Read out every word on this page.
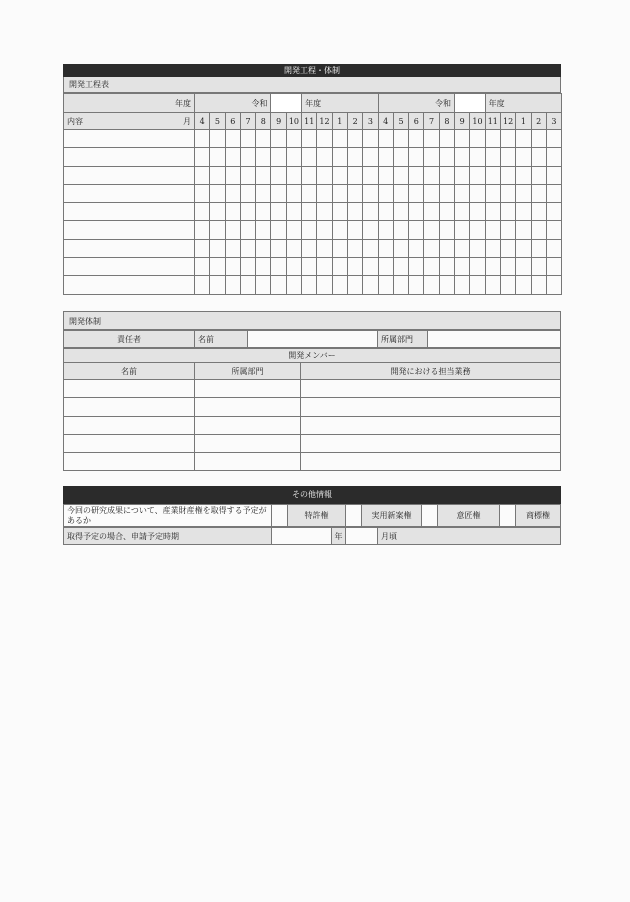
開発工程・体制
開発工程表
年度	令和							年度					令和							年度				

内容 月	4	5	6	7	8	9	10	11	12	1	2	3	4	5	6	7	8	9	10	11	12	1	2	3

開発体制
責任者	名前		所属部門	
開発メンバー		
名前	所属部門	開発における担当業務

その他情報
今回の研究成果について、産業財産権を取得する予定があるか		特許権		実用新案権		意匠権		商標権
取得予定の場合、申請予定時期		年		月頃
